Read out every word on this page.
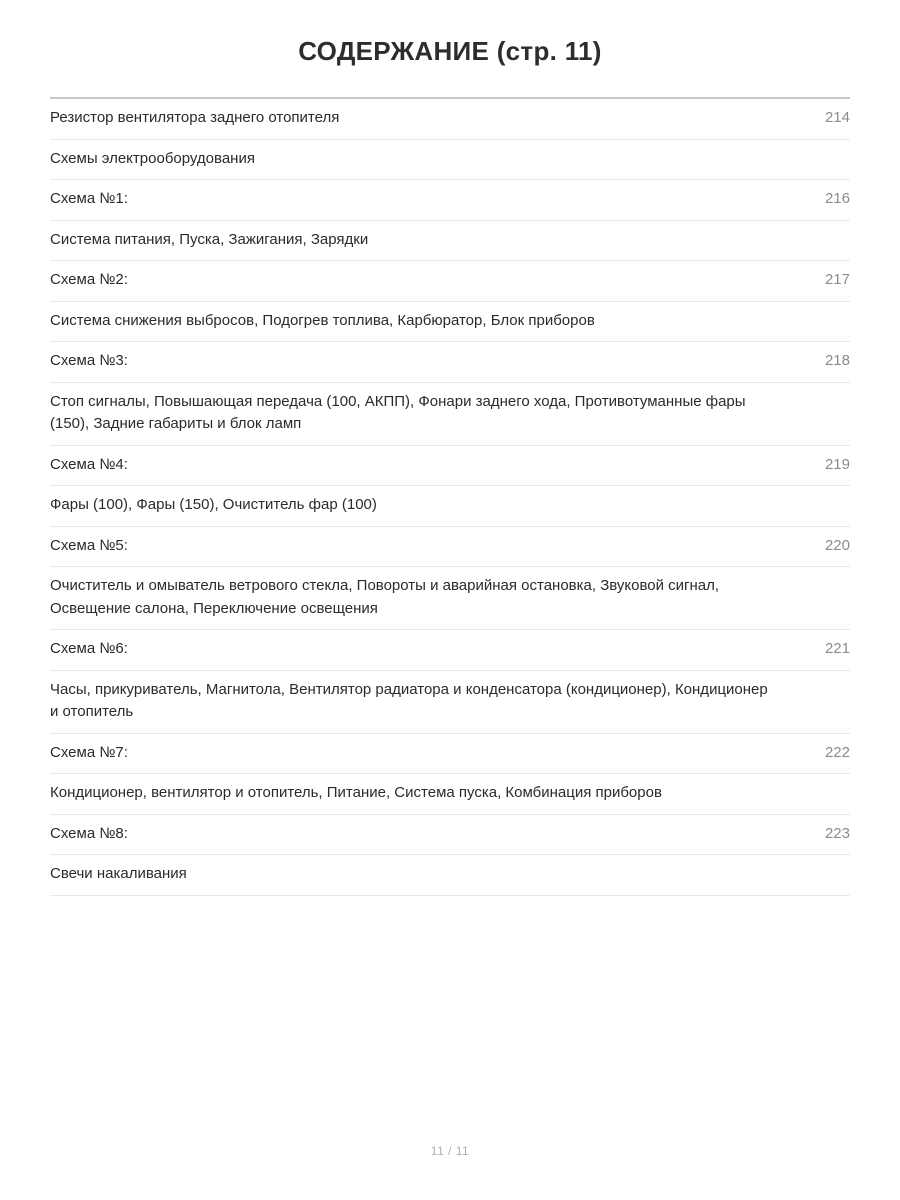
СОДЕРЖАНИЕ (стр. 11)
Резистор вентилятора заднего отопителя	214
Схемы электрооборудования	
Схема №1:	216
Система питания, Пуска, Зажигания, Зарядки	
Схема №2:	217
Система снижения выбросов, Подогрев топлива, Карбюратор, Блок приборов	
Схема №3:	218
Стоп сигналы, Повышающая передача (100, АКПП), Фонари заднего хода, Противотуманные фары (150), Задние габариты и блок ламп	
Схема №4:	219
Фары (100), Фары (150), Очиститель фар (100)	
Схема №5:	220
Очиститель и омыватель ветрового стекла, Повороты и аварийная остановка, Звуковой сигнал, Освещение салона, Переключение освещения	
Схема №6:	221
Часы, прикуриватель, Магнитола, Вентилятор радиатора и конденсатора (кондиционер), Кондиционер и отопитель	
Схема №7:	222
Кондиционер, вентилятор и отопитель, Питание, Система пуска, Комбинация приборов	
Схема №8:	223
Свечи накаливания	
11 / 11
